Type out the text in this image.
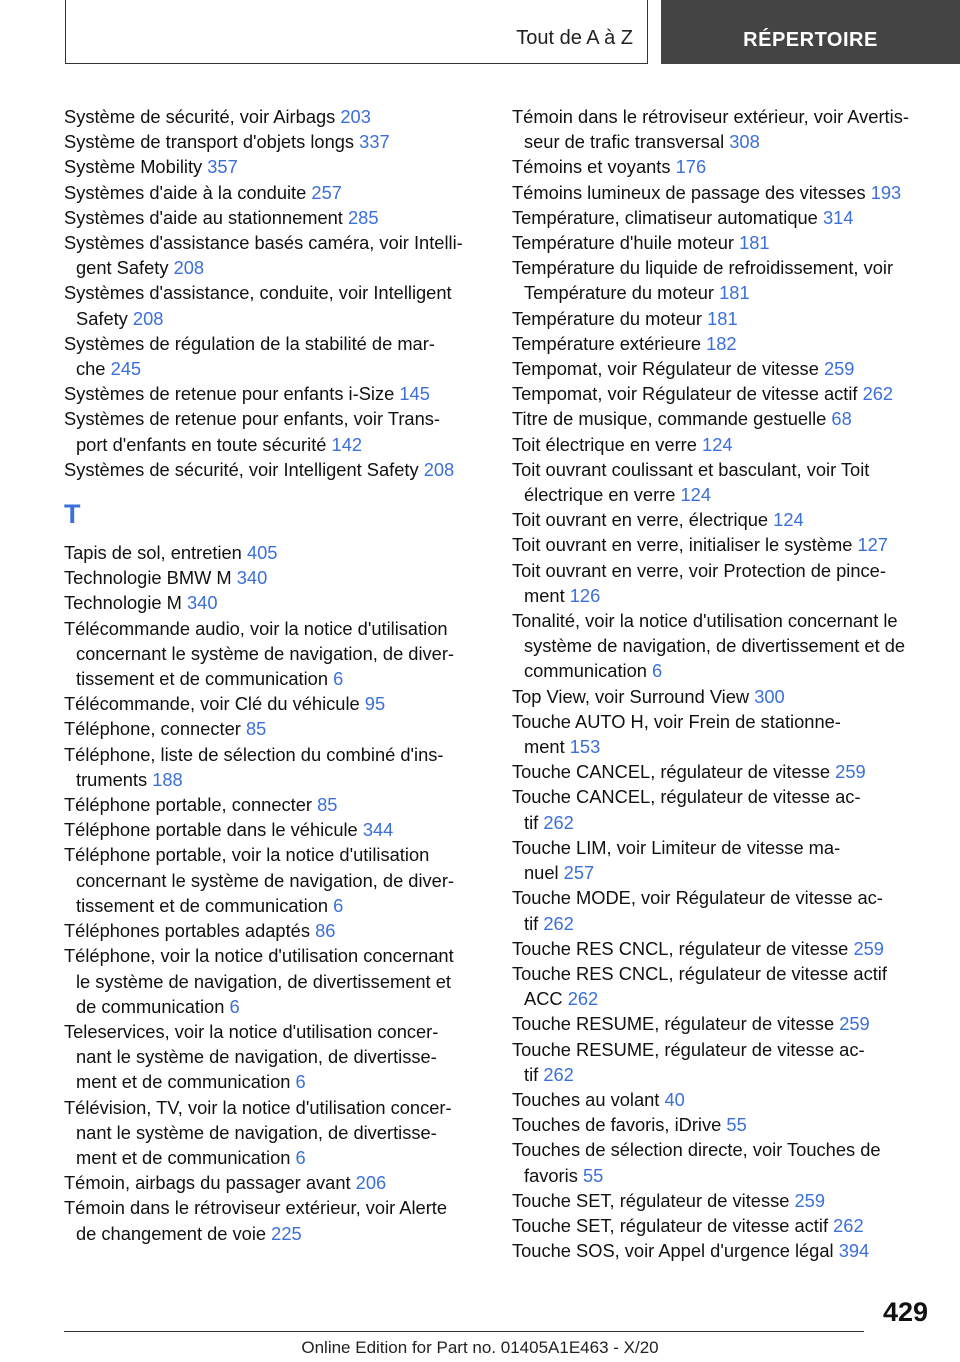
Tout de A à Z	RÉPERTOIRE
Système de sécurité, voir Airbags 203
Système de transport d'objets longs 337
Système Mobility 357
Systèmes d'aide à la conduite 257
Systèmes d'aide au stationnement 285
Systèmes d'assistance basés caméra, voir Intelli-
gent Safety 208
Systèmes d'assistance, conduite, voir Intelligent
Safety 208
Systèmes de régulation de la stabilité de mar-
che 245
Systèmes de retenue pour enfants i-Size 145
Systèmes de retenue pour enfants, voir Trans-
port d'enfants en toute sécurité 142
Systèmes de sécurité, voir Intelligent Safety 208
T
Tapis de sol, entretien 405
Technologie BMW M 340
Technologie M 340
Télécommande audio, voir la notice d'utilisation
concernant le système de navigation, de diver-
tissement et de communication 6
Télécommande, voir Clé du véhicule 95
Téléphone, connecter 85
Téléphone, liste de sélection du combiné d'ins-
truments 188
Téléphone portable, connecter 85
Téléphone portable dans le véhicule 344
Téléphone portable, voir la notice d'utilisation
concernant le système de navigation, de diver-
tissement et de communication 6
Téléphones portables adaptés 86
Téléphone, voir la notice d'utilisation concernant
le système de navigation, de divertissement et
de communication 6
Teleservices, voir la notice d'utilisation concer-
nant le système de navigation, de divertisse-
ment et de communication 6
Télévision, TV, voir la notice d'utilisation concer-
nant le système de navigation, de divertisse-
ment et de communication 6
Témoin, airbags du passager avant 206
Témoin dans le rétroviseur extérieur, voir Alerte
de changement de voie 225
Témoin dans le rétroviseur extérieur, voir Avertis-
seur de trafic transversal 308
Témoins et voyants 176
Témoins lumineux de passage des vitesses 193
Température, climatiseur automatique 314
Température d'huile moteur 181
Température du liquide de refroidissement, voir
Température du moteur 181
Température du moteur 181
Température extérieure 182
Tempomat, voir Régulateur de vitesse 259
Tempomat, voir Régulateur de vitesse actif 262
Titre de musique, commande gestuelle 68
Toit électrique en verre 124
Toit ouvrant coulissant et basculant, voir Toit
électrique en verre 124
Toit ouvrant en verre, électrique 124
Toit ouvrant en verre, initialiser le système 127
Toit ouvrant en verre, voir Protection de pince-
ment 126
Tonalité, voir la notice d'utilisation concernant le
système de navigation, de divertissement et de
communication 6
Top View, voir Surround View 300
Touche AUTO H, voir Frein de stationne-
ment 153
Touche CANCEL, régulateur de vitesse 259
Touche CANCEL, régulateur de vitesse ac-
tif 262
Touche LIM, voir Limiteur de vitesse ma-
nuel 257
Touche MODE, voir Régulateur de vitesse ac-
tif 262
Touche RES CNCL, régulateur de vitesse 259
Touche RES CNCL, régulateur de vitesse actif
ACC 262
Touche RESUME, régulateur de vitesse 259
Touche RESUME, régulateur de vitesse ac-
tif 262
Touches au volant 40
Touches de favoris, iDrive 55
Touches de sélection directe, voir Touches de
favoris 55
Touche SET, régulateur de vitesse 259
Touche SET, régulateur de vitesse actif 262
Touche SOS, voir Appel d'urgence légal 394
429
Online Edition for Part no. 01405A1E463 - X/20
